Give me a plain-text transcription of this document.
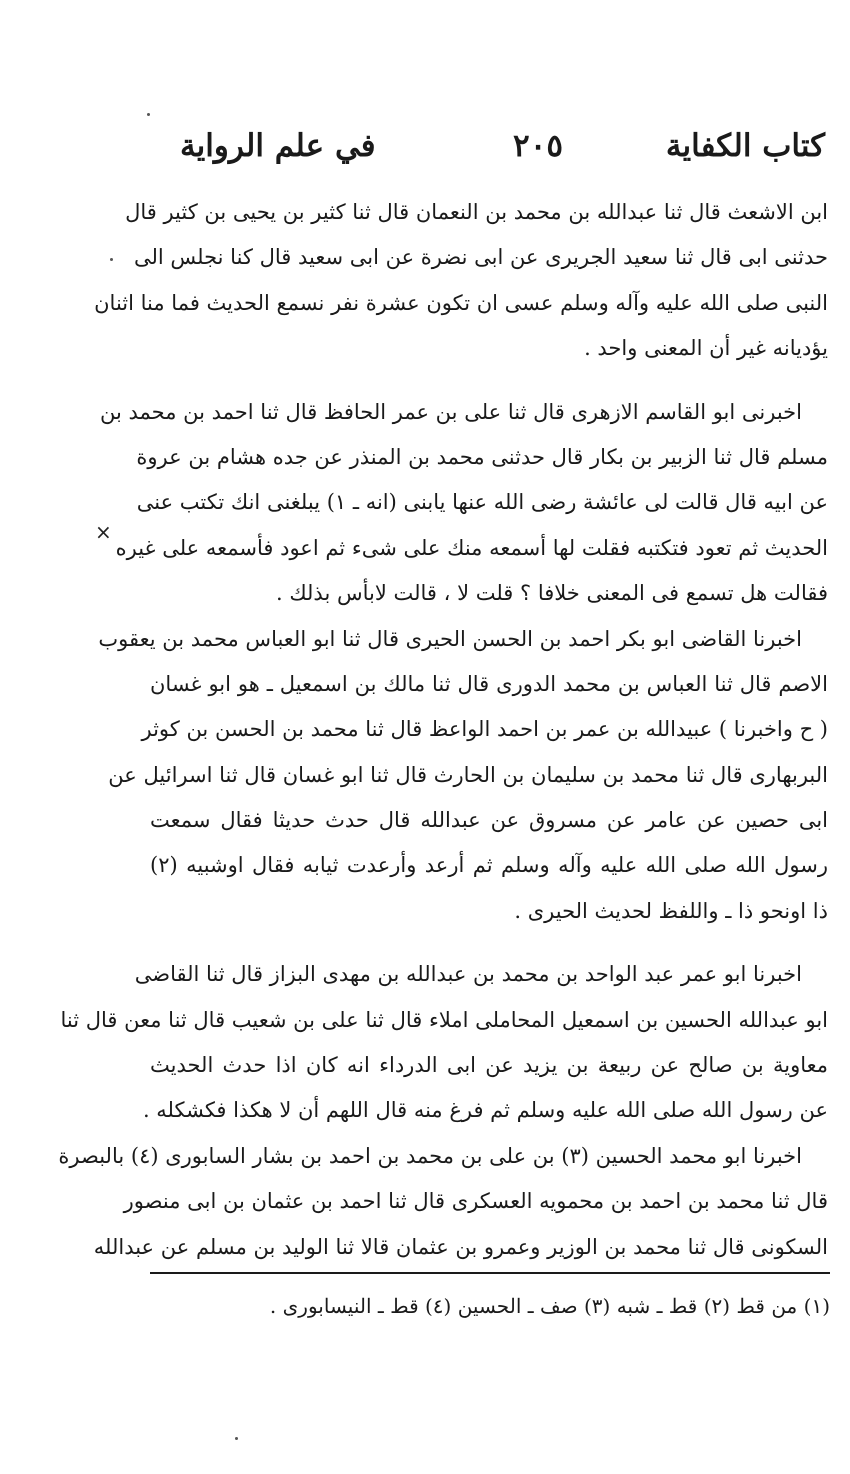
كتاب الكفاية
٢٠٥
في علم الرواية
ابن الاشعث قال ثنا عبدالله بن محمد بن النعمان قال ثنا كثير بن يحيى بن كثير قال
حدثنى ابى قال ثنا سعيد الجريرى عن ابى نضرة عن ابى سعيد قال كنا نجلس الى
النبى صلى الله عليه وآله وسلم عسى ان تكون عشرة نفر نسمع الحديث فما منا اثنان
يؤديانه غير أن المعنى واحد .
اخبرنى ابو القاسم الازهرى قال ثنا على بن عمر الحافظ قال ثنا احمد بن محمد بن
مسلم قال ثنا الزبير بن بكار قال حدثنى محمد بن المنذر عن جده هشام بن عروة
عن ابيه قال قالت لى عائشة رضى الله عنها يابنى (انه ـ ١) يبلغنى انك تكتب عنى
الحديث ثم تعود فتكتبه فقلت لها أسمعه منك على شىء ثم اعود فأسمعه على غيره
فقالت هل تسمع فى المعنى خلافا ؟ قلت لا ، قالت لابأس بذلك .
اخبرنا القاضى ابو بكر احمد بن الحسن الحيرى قال ثنا ابو العباس محمد بن يعقوب
الاصم قال ثنا العباس بن محمد الدورى قال ثنا مالك بن اسمعيل ـ هو ابو غسان
( ح واخبرنا ) عبيدالله بن عمر بن احمد الواعظ قال ثنا محمد بن الحسن بن كوثر
البربهارى قال ثنا محمد بن سليمان بن الحارث قال ثنا ابو غسان قال ثنا اسرائيل عن
ابى حصين عن عامر عن مسروق عن عبدالله قال حدث حديثا فقال سمعت
رسول الله صلى الله عليه وآله وسلم ثم أرعد وأرعدت ثيابه فقال اوشبيه (٢)
ذا اونحو ذا ـ واللفظ لحديث الحيرى .
اخبرنا ابو عمر عبد الواحد بن محمد بن عبدالله بن مهدى البزاز قال ثنا القاضى
ابو عبدالله الحسين بن اسمعيل المحاملى املاء قال ثنا على بن شعيب قال ثنا معن قال ثنا
معاوية بن صالح عن ربيعة بن يزيد عن ابى الدرداء انه كان اذا حدث الحديث
عن رسول الله صلى الله عليه وسلم ثم فرغ منه قال اللهم أن لا هكذا فكشكله .
اخبرنا ابو محمد الحسين (٣) بن على بن محمد بن احمد بن بشار السابورى (٤) بالبصرة
قال ثنا محمد بن احمد بن محمويه العسكرى قال ثنا احمد بن عثمان بن ابى منصور
السكونى قال ثنا محمد بن الوزير وعمرو بن عثمان قالا ثنا الوليد بن مسلم عن عبدالله
(١) من قط (٢) قط ـ شبه (٣) صف ـ الحسين (٤) قط ـ النيسابورى .
×
